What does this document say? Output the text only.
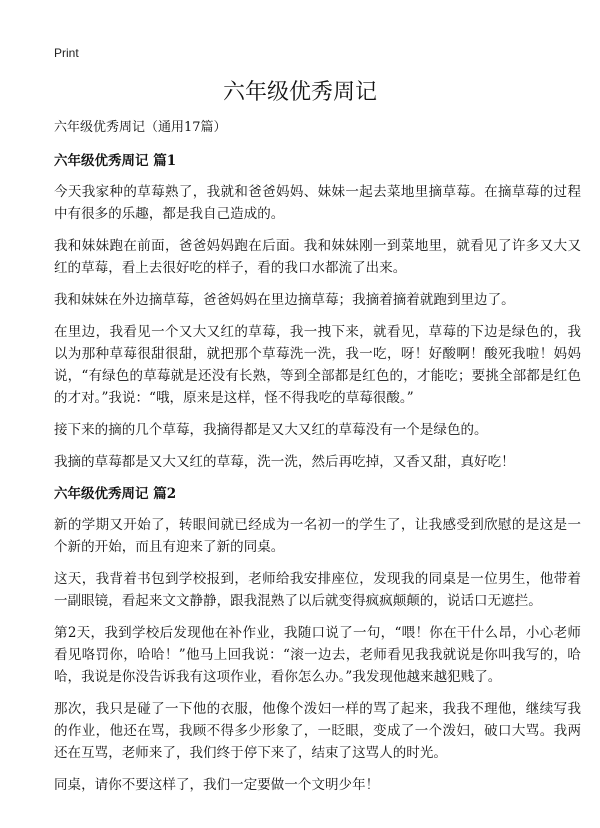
Print
六年级优秀周记

六年级优秀周记（通用17篇）

六年级优秀周记 篇1

今天我家种的草莓熟了，我就和爸爸妈妈、妹妹一起去菜地里摘草莓。在摘草莓的过程中有很多的乐趣，都是我自己造成的。

我和妹妹跑在前面，爸爸妈妈跑在后面。我和妹妹刚一到菜地里，就看见了许多又大又红的草莓，看上去很好吃的样子，看的我口水都流了出来。

我和妹妹在外边摘草莓，爸爸妈妈在里边摘草莓；我摘着摘着就跑到里边了。

在里边，我看见一个又大又红的草莓，我一拽下来，就看见，草莓的下边是绿色的，我以为那种草莓很甜很甜，就把那个草莓洗一洗，我一吃，呀！好酸啊！酸死我啦！妈妈说，“有绿色的草莓就是还没有长熟，等到全部都是红色的，才能吃；要挑全部都是红色的才对。”我说：“哦，原来是这样，怪不得我吃的草莓很酸。”

接下来的摘的几个草莓，我摘得都是又大又红的草莓没有一个是绿色的。

我摘的草莓都是又大又红的草莓，洗一洗，然后再吃掉，又香又甜，真好吃！

六年级优秀周记 篇2

新的学期又开始了，转眼间就已经成为一名初一的学生了，让我感受到欣慰的是这是一个新的开始，而且有迎来了新的同桌。

这天，我背着书包到学校报到，老师给我安排座位，发现我的同桌是一位男生，他带着一副眼镜，看起来文文静静，跟我混熟了以后就变得疯疯颠颠的，说话口无遮拦。

第2天，我到学校后发现他在补作业，我随口说了一句，“喂！你在干什么昂，小心老师看见咯罚你，哈哈！”他马上回我说：“滚一边去，老师看见我我就说是你叫我写的，哈哈，我说是你没告诉我有这项作业，看你怎么办。”我发现他越来越犯贱了。

那次，我只是碰了一下他的衣服，他像个泼妇一样的骂了起来，我我不理他，继续写我的作业，他还在骂，我顾不得多少形象了，一眨眼，变成了一个泼妇，破口大骂。我两还在互骂，老师来了，我们终于停下来了，结束了这骂人的时光。

同桌，请你不要这样了，我们一定要做一个文明少年！
